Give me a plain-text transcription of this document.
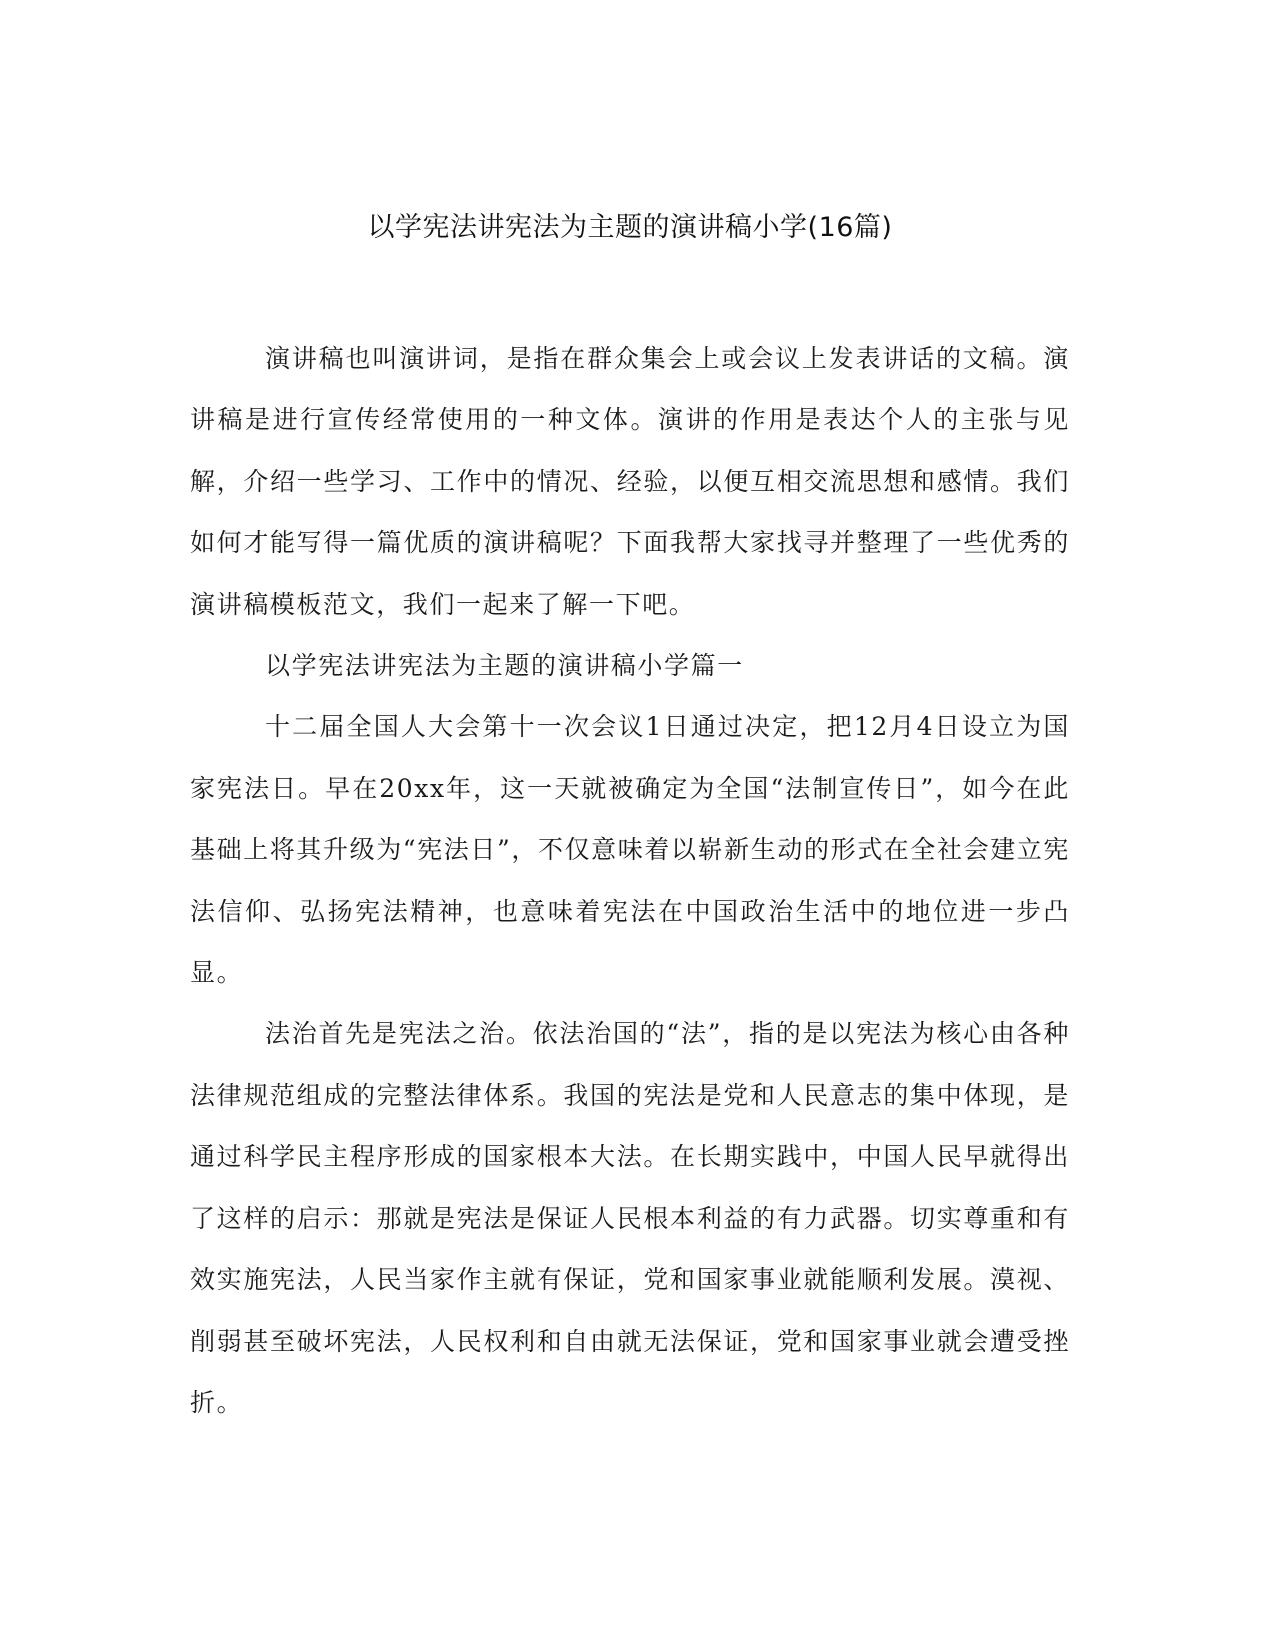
以学宪法讲宪法为主题的演讲稿小学(16篇)

演讲稿也叫演讲词，是指在群众集会上或会议上发表讲话的文稿。演讲稿是进行宣传经常使用的一种文体。演讲的作用是表达个人的主张与见解，介绍一些学习、工作中的情况、经验，以便互相交流思想和感情。我们如何才能写得一篇优质的演讲稿呢？下面我帮大家找寻并整理了一些优秀的演讲稿模板范文，我们一起来了解一下吧。

以学宪法讲宪法为主题的演讲稿小学篇一

十二届全国人大会第十一次会议1日通过决定，把12月4日设立为国家宪法日。早在20xx年，这一天就被确定为全国“法制宣传日”，如今在此基础上将其升级为“宪法日”，不仅意味着以崭新生动的形式在全社会建立宪法信仰、弘扬宪法精神，也意味着宪法在中国政治生活中的地位进一步凸显。

法治首先是宪法之治。依法治国的“法”，指的是以宪法为核心由各种法律规范组成的完整法律体系。我国的宪法是党和人民意志的集中体现，是通过科学民主程序形成的国家根本大法。在长期实践中，中国人民早就得出了这样的启示：那就是宪法是保证人民根本利益的有力武器。切实尊重和有效实施宪法，人民当家作主就有保证，党和国家事业就能顺利发展。漠视、削弱甚至破坏宪法，人民权利和自由就无法保证，党和国家事业就会遭受挫折。
